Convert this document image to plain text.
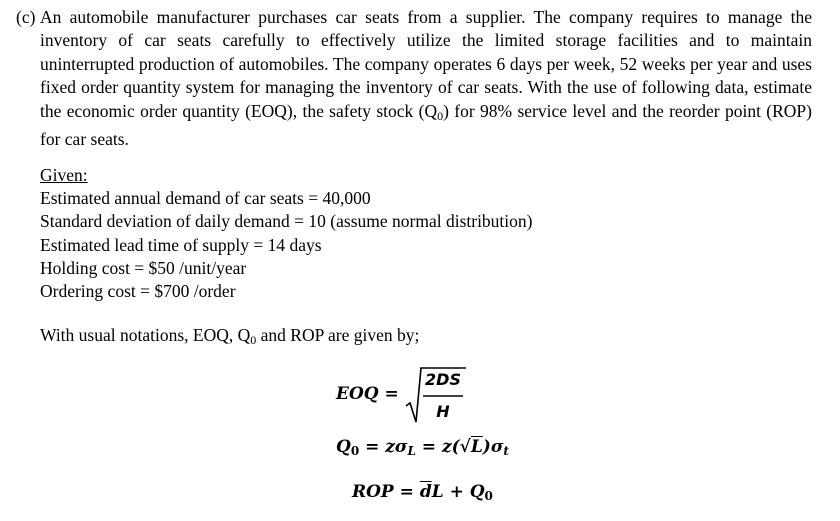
(c) An automobile manufacturer purchases car seats from a supplier. The company requires to manage the inventory of car seats carefully to effectively utilize the limited storage facilities and to maintain uninterrupted production of automobiles. The company operates 6 days per week, 52 weeks per year and uses fixed order quantity system for managing the inventory of car seats. With the use of following data, estimate the economic order quantity (EOQ), the safety stock $(Q_0)$ for 98% service level and the reorder point (ROP) for car seats.
Given:
Estimated annual demand of car seats = 40,000
Standard deviation of daily demand = 10 (assume normal distribution)
Estimated lead time of supply = 14 days
Holding cost = $50 /unit/year
Ordering cost = $700 /order
With usual notations, EOQ, $Q_0$ and ROP are given by;
EOQ =
2DS
H
$Q_0 = z\sigma_L = z(√L)\sigma_t$
ROP = $\overline{d}L + Q_0$
